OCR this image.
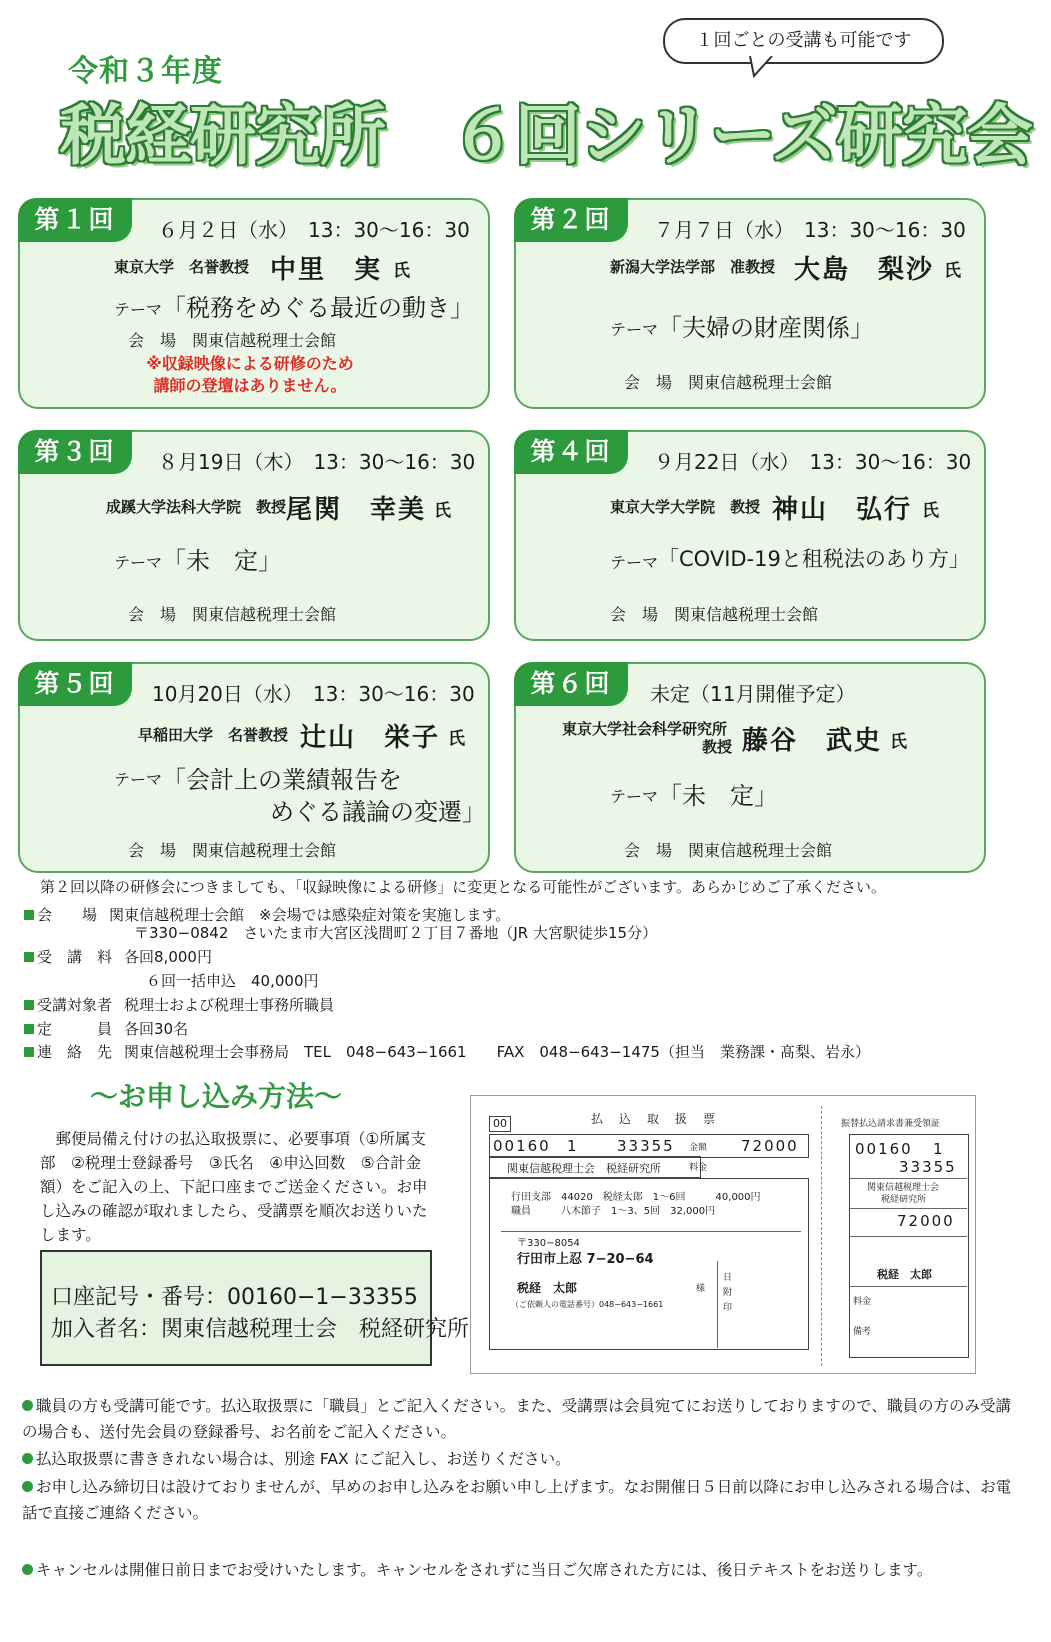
令和３年度
税経研究所　６回シリーズ研究会
１回ごとの受講も可能です
第１回	６月２日（水）　13：30〜16：30
東京大学　名誉教授 中里　実 氏
テーマ 「税務をめぐる最近の動き」
会　場　関東信越税理士会館
※収録映像による研修のため
講師の登壇はありません。
第２回	７月７日（水）　13：30〜16：30
新潟大学法学部　准教授 大島　梨沙 氏
テーマ 「夫婦の財産関係」
会　場　関東信越税理士会館
第３回	８月19日（木）　13：30〜16：30
成蹊大学法科大学院　教授 尾関　幸美 氏
テーマ 「未　定」
会　場　関東信越税理士会館
第４回	９月22日（水）　13：30〜16：30
東京大学大学院　教授 神山　弘行 氏
テーマ 「COVID-19と租税法のあり方」
会　場　関東信越税理士会館
第５回	10月20日（水）　13：30〜16：30
早稲田大学　名誉教授 辻山　栄子 氏
テーマ 「会計上の業績報告を
めぐる議論の変遷」
会　場　関東信越税理士会館
第６回	未定（11月開催予定）
東京大学社会科学研究所
教授 藤谷　武史 氏
テーマ 「未　定」
会　場　関東信越税理士会館
第２回以降の研修会につきましても、「収録映像による研修」に変更となる可能性がございます。あらかじめご了承ください。
会　　場 関東信越税理士会館　※会場では感染症対策を実施します。
〒330−0842　さいたま市大宮区浅間町２丁目７番地（JR 大宮駅徒歩15分）
受　講　料 各回8,000円
６回一括申込　40,000円
受講対象者 税理士および税理士事務所職員
定　　　員 各回30名
連　絡　先 関東信越税理士会事務局　TEL　048−643−1661　　FAX　048−643−1475（担当　業務課・髙梨、岩永）
〜お申し込み方法〜
郵便局備え付けの払込取扱票に、必要事項（①所属支部　②税理士登録番号　③氏名　④申込回数　⑤合計金額）をご記入の上、下記口座までご送金ください。お申し込みの確認が取れましたら、受講票を順次お送りいたします。
口座記号・番号：00160−1−33355
加入者名：関東信越税理士会　税経研究所
00	払　込　取　扱　票
00160 1	33355 金額 72000
関東信越税理士会　税経研究所	料金
行田支部　44020　税経太郎　1〜6回　　　40,000円
職員　　　八木節子　1〜3、5回　32,000円
〒330−8054
行田市上忍 7−20−64
税経　太郎	様
（ご依頼人の電話番号）048−643−1661
日附印
振替払込請求書兼受領証
00160 1
33355
関東信越税理士会
税経研究所
72000
税経　太郎
料金
備考
職員の方も受講可能です。払込取扱票に「職員」とご記入ください。また、受講票は会員宛てにお送りしておりますので、職員の方のみ受講の場合も、送付先会員の登録番号、お名前をご記入ください。
払込取扱票に書ききれない場合は、別途 FAX にご記入し、お送りください。
お申し込み締切日は設けておりませんが、早めのお申し込みをお願い申し上げます。なお開催日５日前以降にお申し込みされる場合は、お電話で直接ご連絡ください。
キャンセルは開催日前日までお受けいたします。キャンセルをされずに当日ご欠席された方には、後日テキストをお送りします。
